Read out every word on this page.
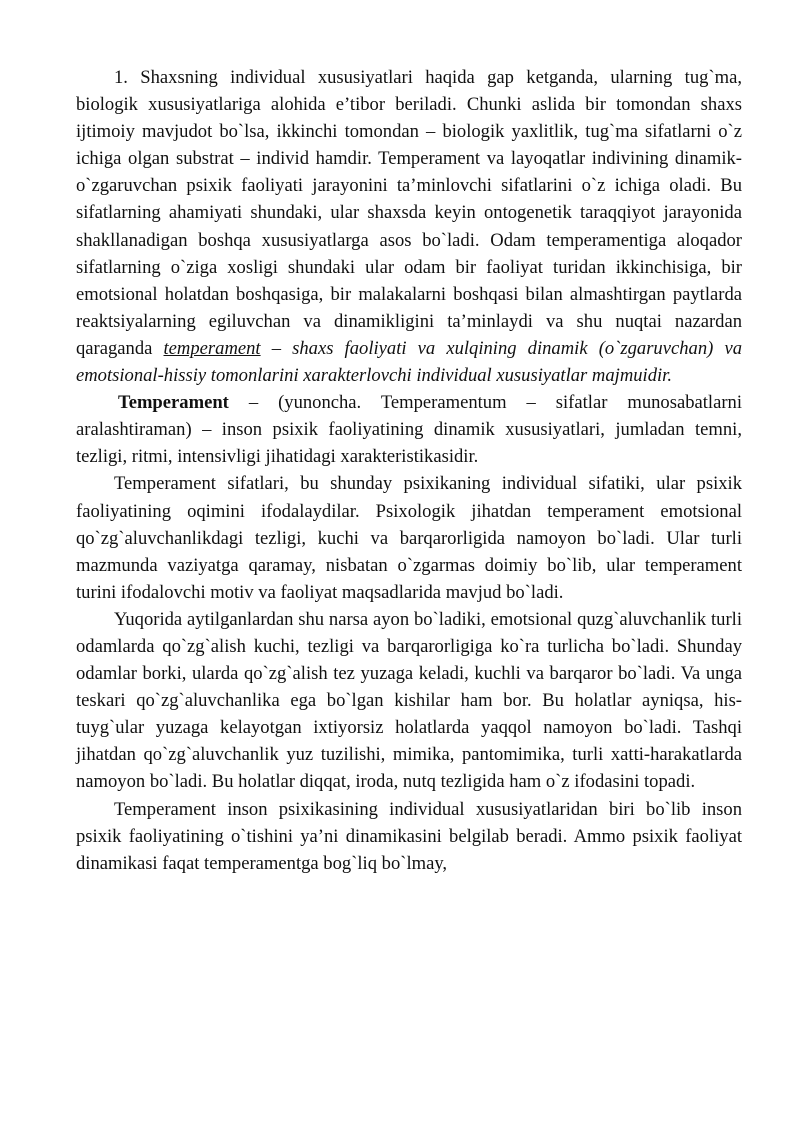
1. Shaxsning individual xususiyatlari haqida gap ketganda, ularning tug`ma, biologik xususiyatlariga alohida e’tibor beriladi. Chunki aslida bir tomondan shaxs ijtimoiy mavjudot bo`lsa, ikkinchi tomondan – biologik yaxlitlik, tug`ma sifatlarni o`z ichiga olgan substrat – individ hamdir. Temperament va layoqatlar indivining dinamik-o`zgaruvchan psixik faoliyati jarayonini ta’minlovchi sifatlarini o`z ichiga oladi. Bu sifatlarning ahamiyati shundaki, ular shaxsda keyin ontogenetik taraqqiyot jarayonida shakllanadigan boshqa xususiyatlarga asos bo`ladi. Odam temperamentiga aloqador sifatlarning o`ziga xosligi shundaki ular odam bir faoliyat turidan ikkinchisiga, bir emotsional holatdan boshqasiga, bir malakalarni boshqasi bilan almashtirgan paytlarda reaktsiyalarning egiluvchan va dinamikligini ta’minlaydi va shu nuqtai nazardan qaraganda temperament – shaxs faoliyati va xulqining dinamik (o`zgaruvchan) va emotsional-hissiy tomonlarini xarakterlovchi individual xususiyatlar majmuidir.

Temperament – (yunoncha. Temperamentum – sifatlar munosabatlarni aralashtiraman) – inson psixik faoliyatining dinamik xususiyatlari, jumladan temni, tezligi, ritmi, intensivligi jihatidagi xarakteristikasidir.

Temperament sifatlari, bu shunday psixikaning individual sifatiki, ular psixik faoliyatining oqimini ifodalaydilar. Psixologik jihatdan temperament emotsional qo`zg`aluvchanlikdagi tezligi, kuchi va barqarorligida namoyon bo`ladi. Ular turli mazmunda vaziyatga qaramay, nisbatan o`zgarmas doimiy bo`lib, ular temperament turini ifodalovchi motiv va faoliyat maqsadlarida mavjud bo`ladi.

Yuqorida aytilganlardan shu narsa ayon bo`ladiki, emotsional quzg`aluvchanlik turli odamlarda qo`zg`alish kuchi, tezligi va barqarorligiga ko`ra turlicha bo`ladi. Shunday odamlar borki, ularda qo`zg`alish tez yuzaga keladi, kuchli va barqaror bo`ladi. Va unga teskari qo`zg`aluvchanlika ega bo`lgan kishilar ham bor. Bu holatlar ayniqsa, his-tuyg`ular yuzaga kelayotgan ixtiyorsiz holatlarda yaqqol namoyon bo`ladi. Tashqi jihatdan qo`zg`aluvchanlik yuz tuzilishi, mimika, pantomimika, turli xatti-harakatlarda namoyon bo`ladi. Bu holatlar diqqat, iroda, nutq tezligida ham o`z ifodasini topadi.

Temperament inson psixikasining individual xususiyatlaridan biri bo`lib inson psixik faoliyatining o`tishini ya’ni dinamikasini belgilab beradi. Ammo psixik faoliyat dinamikasi faqat temperamentga bog`liq bo`lmay,
